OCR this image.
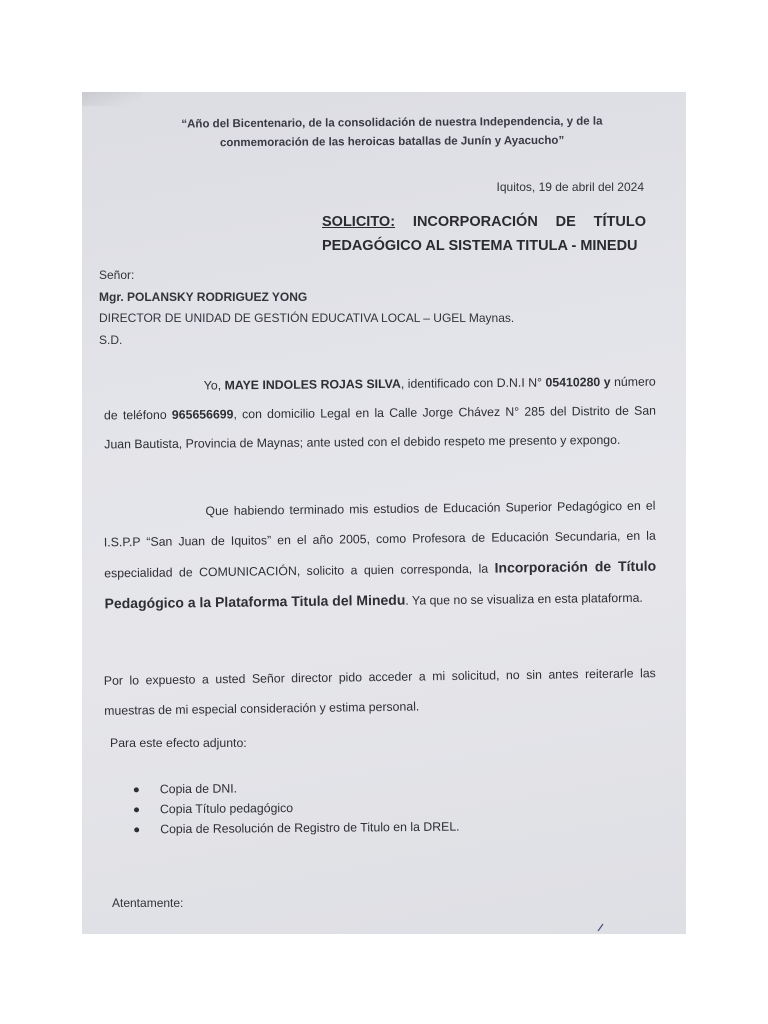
“Año del Bicentenario, de la consolidación de nuestra Independencia, y de la
conmemoración de las heroicas batallas de Junín y Ayacucho”
Iquitos, 19 de abril del 2024
SOLICITO: INCORPORACIÓN DE TÍTULO
PEDAGÓGICO AL SISTEMA TITULA - MINEDU
Señor:
Mgr. POLANSKY RODRIGUEZ YONG
DIRECTOR DE UNIDAD DE GESTIÓN EDUCATIVA LOCAL – UGEL Maynas.
S.D.
Yo, MAYE INDOLES ROJAS SILVA, identificado con D.N.I N° 05410280 y número de teléfono 965656699, con domicilio Legal en la Calle Jorge Chávez N° 285 del Distrito de San Juan Bautista, Provincia de Maynas; ante usted con el debido respeto me presento y expongo.
Que habiendo terminado mis estudios de Educación Superior Pedagógico en el I.S.P.P “San Juan de Iquitos” en el año 2005, como Profesora de Educación Secundaria, en la especialidad de COMUNICACIÓN, solicito a quien corresponda, la Incorporación de Título Pedagógico a la Plataforma Titula del Minedu. Ya que no se visualiza en esta plataforma.
Por lo expuesto a usted Señor director pido acceder a mi solicitud, no sin antes reiterarle las muestras de mi especial consideración y estima personal.
Para este efecto adjunto:
Copia de DNI.
Copia Título pedagógico
Copia de Resolución de Registro de Titulo en la DREL.
Atentamente:
